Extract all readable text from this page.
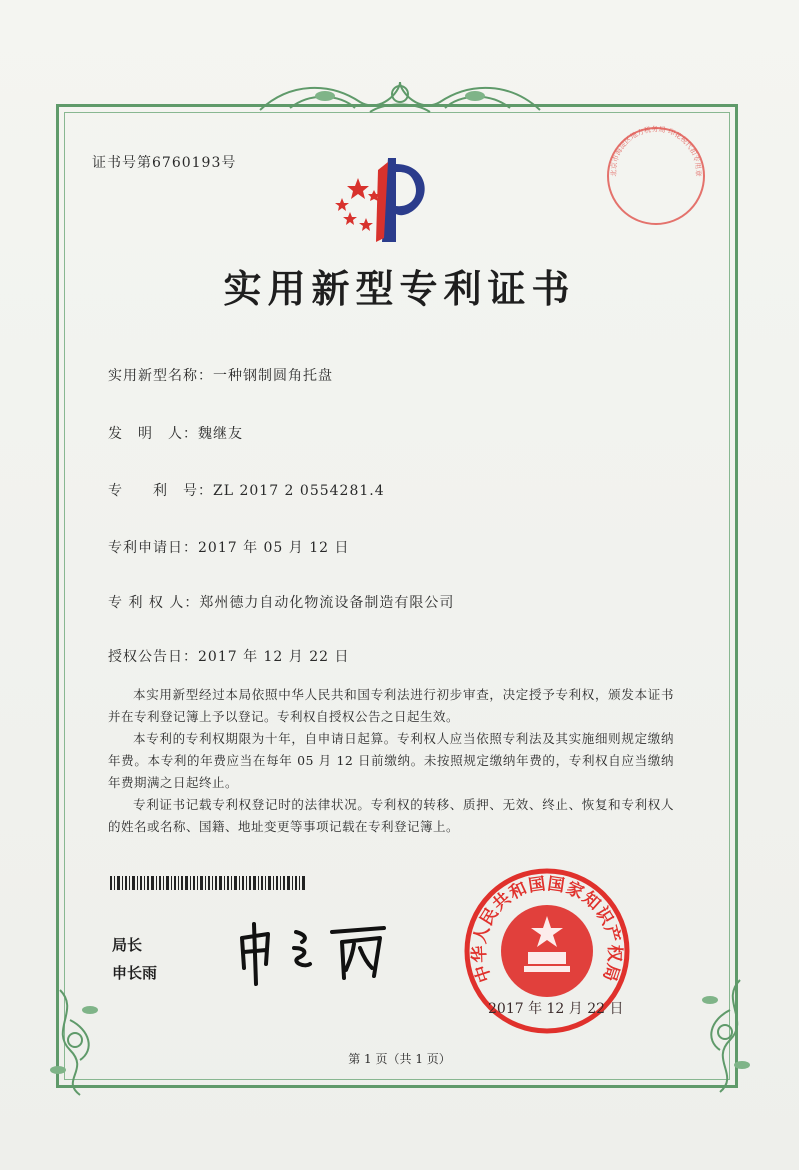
证书号第6760193号
实用新型专利证书
实用新型名称：一种钢制圆角托盘
发　明　人：魏继友
专　　利　号：ZL 2017 2 0554281.4
专利申请日：2017 年 05 月 12 日
专 利 权 人：郑州德力自动化物流设备制造有限公司
授权公告日：2017 年 12 月 22 日
本实用新型经过本局依照中华人民共和国专利法进行初步审查，决定授予专利权，颁发本证书并在专利登记簿上予以登记。专利权自授权公告之日起生效。
本专利的专利权期限为十年，自申请日起算。专利权人应当依照专利法及其实施细则规定缴纳年费。本专利的年费应当在每年 05 月 12 日前缴纳。未按照规定缴纳年费的，专利权自应当缴纳年费期满之日起终止。
专利证书记载专利权登记时的法律状况。专利权的转移、质押、无效、终止、恢复和专利权人的姓名或名称、国籍、地址变更等事项记载在专利登记簿上。
局长
申长雨	中华人民共和国国家知识产权局
2017 年 12 月 22 日
北京市海淀区地方税务局 印花税代扣专用章
第 1 页（共 1 页）
